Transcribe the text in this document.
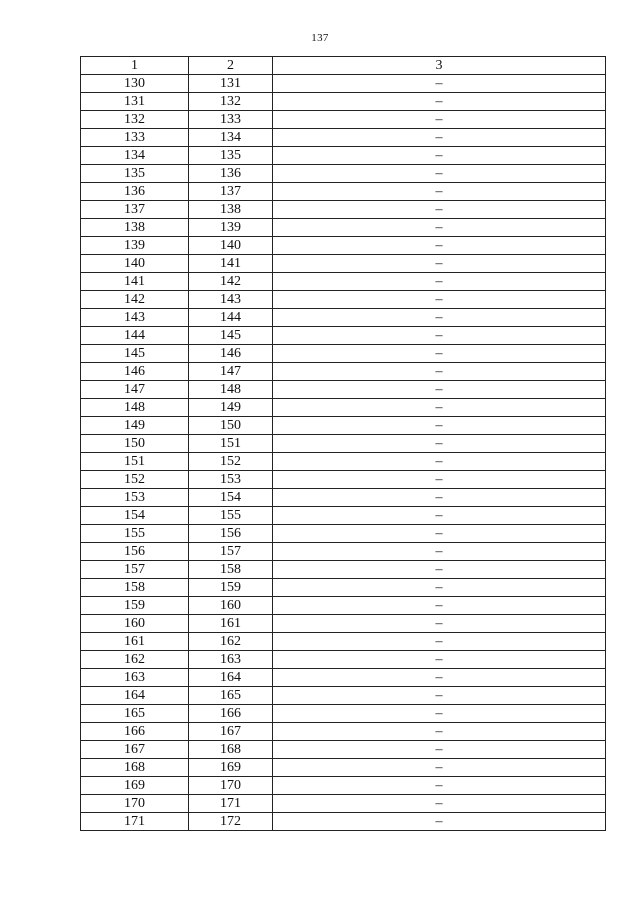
137
1	2	3
130	131	–
131	132	–
132	133	–
133	134	–
134	135	–
135	136	–
136	137	–
137	138	–
138	139	–
139	140	–
140	141	–
141	142	–
142	143	–
143	144	–
144	145	–
145	146	–
146	147	–
147	148	–
148	149	–
149	150	–
150	151	–
151	152	–
152	153	–
153	154	–
154	155	–
155	156	–
156	157	–
157	158	–
158	159	–
159	160	–
160	161	–
161	162	–
162	163	–
163	164	–
164	165	–
165	166	–
166	167	–
167	168	–
168	169	–
169	170	–
170	171	–
171	172	–
